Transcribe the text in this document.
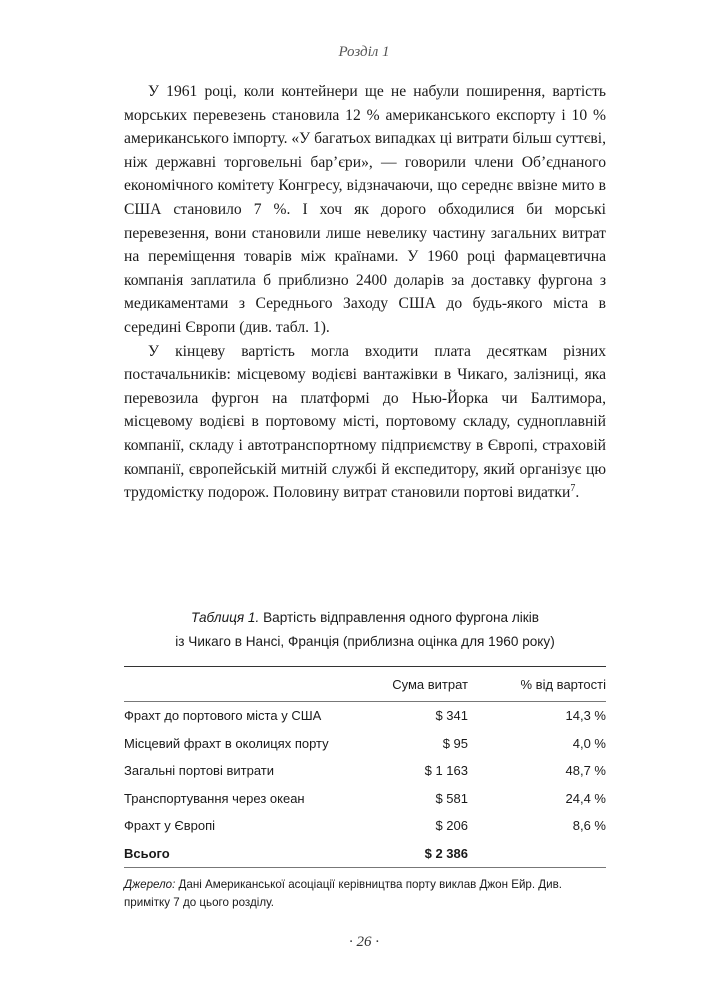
Розділ 1

У 1961 році, коли контейнери ще не набули поширення, вартість морських перевезень становила 12 % американського експорту і 10 % американського імпорту. «У багатьох випадках ці витрати більш суттєві, ніж державні торговельні бар’єри», — говорили члени Об’єднаного економічного комітету Конгресу, відзначаючи, що середнє ввізне мито в США становило 7 %. І хоч як дорого обходилися би морські перевезення, вони становили лише невелику частину загальних витрат на переміщення товарів між країнами. У 1960 році фармацевтична компанія заплатила б приблизно 2400 доларів за доставку фургона з медикаментами з Середнього Заходу США до будь-якого міста в середині Європи (див. табл. 1).

У кінцеву вартість могла входити плата десяткам різних постачальників: місцевому водієві вантажівки в Чикаго, залізниці, яка перевозила фургон на платформі до Нью-Йорка чи Балтимора, місцевому водієві в портовому місті, портовому складу, судноплавній компанії, складу і автотранспортному підприємству в Європі, страховій компанії, європейській митній службі й експедитору, який організує цю трудомістку подорож. Половину витрат становили портові видатки$^7$.

Таблиця 1. Вартість відправлення одного фургона ліків
із Чикаго в Нансі, Франція (приблизна оцінка для 1960 року)
	Сума витрат	% від вартості
Фрахт до портового міста у США	$ 341	14,3 %
Місцевий фрахт в околицях порту	$ 95	4,0 %
Загальні портові витрати	$ 1 163	48,7 %
Транспортування через океан	$ 581	24,4 %
Фрахт у Європі	$ 206	8,6 %
Всього	$ 2 386	
Джерело: Дані Американської асоціації керівництва порту виклав Джон Ейр. Див. примітку 7 до цього розділу.
· 26 ·
